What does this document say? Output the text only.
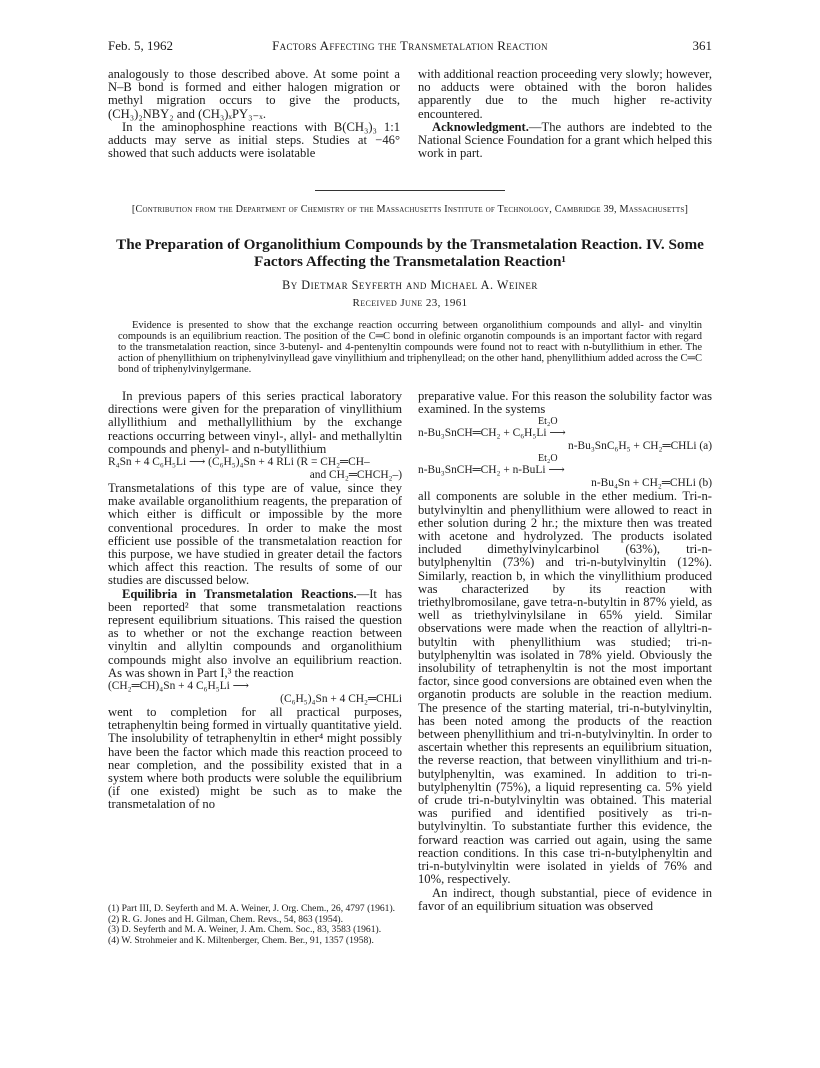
Feb. 5, 1962	Factors Affecting the Transmetalation Reaction	361

analogously to those described above. At some point a N–B bond is formed and either halogen migration or methyl migration occurs to give the products, (CH₃)₂NBY₂ and (CH₃)ₓPY₃₋ₓ.

In the aminophosphine reactions with B(CH₃)₃ 1:1 adducts may serve as initial steps. Studies at −46° showed that such adducts were isolatable

with additional reaction proceeding very slowly; however, no adducts were obtained with the boron halides apparently due to the much higher re-activity encountered.

Acknowledgment.—The authors are indebted to the National Science Foundation for a grant which helped this work in part.

[Contribution from the Department of Chemistry of the Massachusetts Institute of Technology, Cambridge 39, Massachusetts]
The Preparation of Organolithium Compounds by the Transmetalation Reaction. IV. Some Factors Affecting the Transmetalation Reaction¹
By Dietmar Seyferth and Michael A. Weiner
Received June 23, 1961

Evidence is presented to show that the exchange reaction occurring between organolithium compounds and allyl- and vinyltin compounds is an equilibrium reaction. The position of the C═C bond in olefinic organotin compounds is an important factor with regard to the transmetalation reaction, since 3-butenyl- and 4-pentenyltin compounds were found not to react with n-butyllithium in ether. The action of phenyllithium on triphenylvinyllead gave vinyllithium and triphenyllead; on the other hand, phenyllithium added across the C═C bond of triphenylvinylgermane.

In previous papers of this series practical laboratory directions were given for the preparation of vinyllithium allyllithium and methallyllithium by the exchange reactions occurring between vinyl-, allyl- and methallyltin compounds and phenyl- and n-butyllithium

R₄Sn + 4 C₆H₅Li ⟶ (C₆H₅)₄Sn + 4 RLi (R = CH₂═CH–
and CH₂═CHCH₂–)

Transmetalations of this type are of value, since they make available organolithium reagents, the preparation of which either is difficult or impossible by the more conventional procedures. In order to make the most efficient use possible of the transmetalation reaction for this purpose, we have studied in greater detail the factors which affect this reaction. The results of some of our studies are discussed below.

Equilibria in Transmetalation Reactions.—It has been reported² that some transmetalation reactions represent equilibrium situations. This raised the question as to whether or not the exchange reaction between vinyltin and allyltin compounds and organolithium compounds might also involve an equilibrium reaction. As was shown in Part I,³ the reaction

(CH₂═CH)₄Sn + 4 C₆H₅Li ⟶
(C₆H₅)₄Sn + 4 CH₂═CHLi

went to completion for all practical purposes, tetraphenyltin being formed in virtually quantitative yield. The insolubility of tetraphenyltin in ether⁴ might possibly have been the factor which made this reaction proceed to near completion, and the possibility existed that in a system where both products were soluble the equilibrium (if one existed) might be such as to make the transmetalation of no

(1) Part III, D. Seyferth and M. A. Weiner, J. Org. Chem., 26, 4797 (1961).

(2) R. G. Jones and H. Gilman, Chem. Revs., 54, 863 (1954).

(3) D. Seyferth and M. A. Weiner, J. Am. Chem. Soc., 83, 3583 (1961).

(4) W. Strohmeier and K. Miltenberger, Chem. Ber., 91, 1357 (1958).

preparative value. For this reason the solubility factor was examined. In the systems

Et₂O
n-Bu₃SnCH═CH₂ + C₆H₅Li ⟶
n-Bu₃SnC₆H₅ + CH₂═CHLi (a)
Et₂O
n-Bu₃SnCH═CH₂ + n-BuLi ⟶
n-Bu₄Sn + CH₂═CHLi (b)

all components are soluble in the ether medium. Tri-n-butylvinyltin and phenyllithium were allowed to react in ether solution during 2 hr.; the mixture then was treated with acetone and hydrolyzed. The products isolated included dimethylvinylcarbinol (63%), tri-n-butylphenyltin (73%) and tri-n-butylvinyltin (12%). Similarly, reaction b, in which the vinyllithium produced was characterized by its reaction with triethylbromosilane, gave tetra-n-butyltin in 87% yield, as well as triethylvinylsilane in 65% yield. Similar observations were made when the reaction of allyltri-n-butyltin with phenyllithium was studied; tri-n-butylphenyltin was isolated in 78% yield. Obviously the insolubility of tetraphenyltin is not the most important factor, since good conversions are obtained even when the organotin products are soluble in the reaction medium. The presence of the starting material, tri-n-butylvinyltin, has been noted among the products of the reaction between phenyllithium and tri-n-butylvinyltin. In order to ascertain whether this represents an equilibrium situation, the reverse reaction, that between vinyllithium and tri-n-butylphenyltin, was examined. In addition to tri-n-butylphenyltin (75%), a liquid representing ca. 5% yield of crude tri-n-butylvinyltin was obtained. This material was purified and identified positively as tri-n-butylvinyltin. To substantiate further this evidence, the forward reaction was carried out again, using the same reaction conditions. In this case tri-n-butylphenyltin and tri-n-butylvinyltin were isolated in yields of 76% and 10%, respectively.

An indirect, though substantial, piece of evidence in favor of an equilibrium situation was observed
